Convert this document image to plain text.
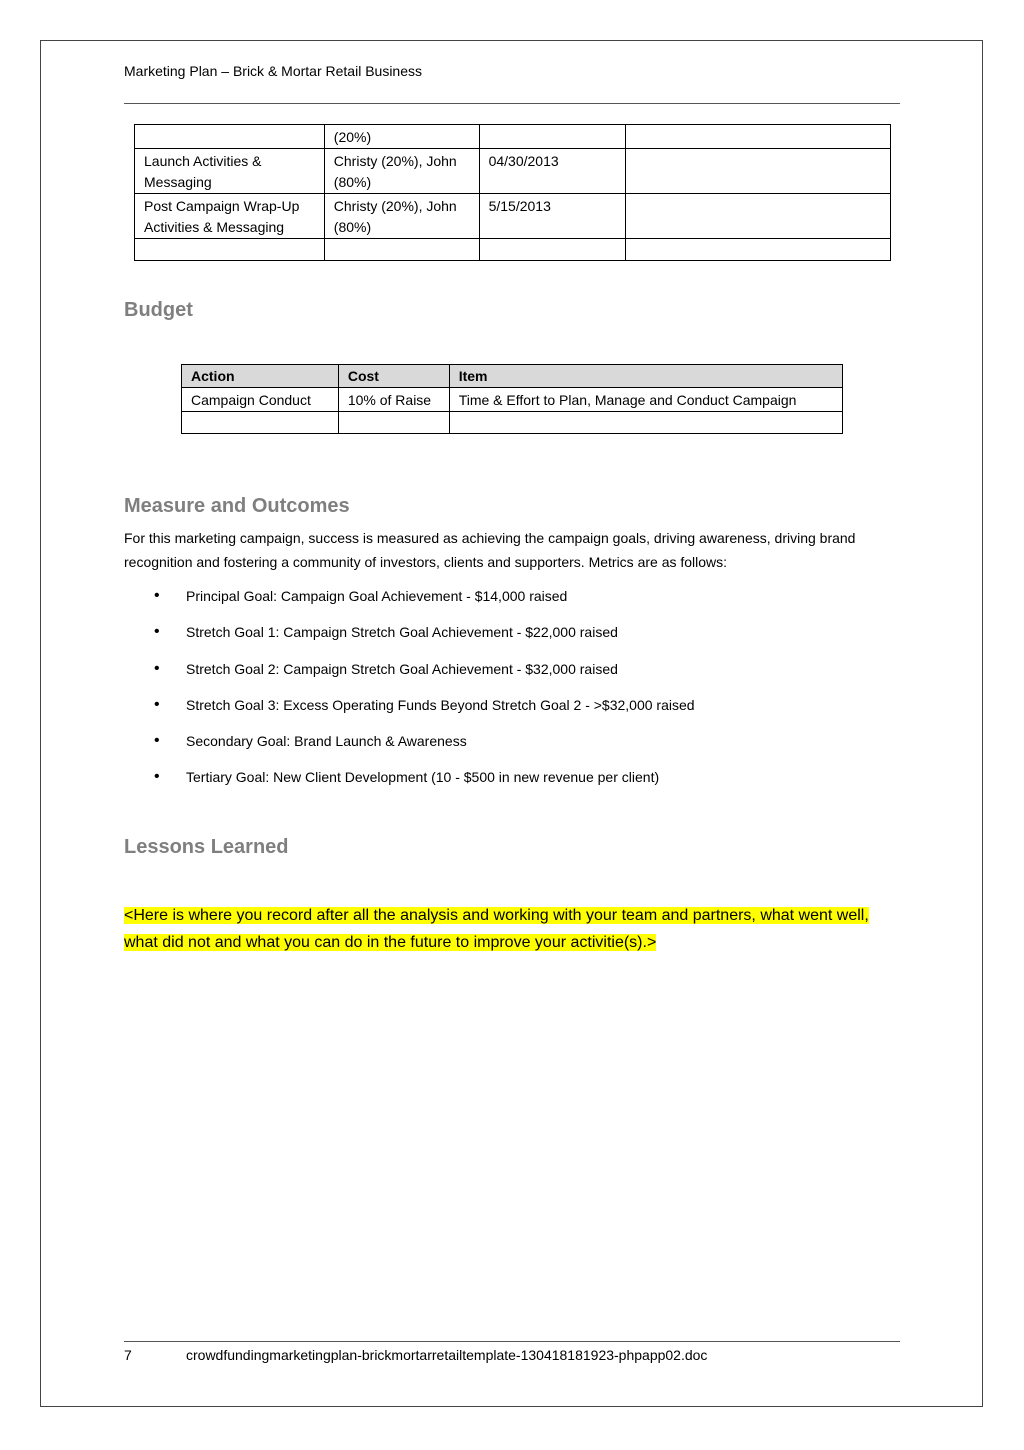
Marketing Plan – Brick & Mortar Retail Business
	(20%)		
Launch Activities & Messaging	Christy (20%), John (80%)	04/30/2013	
Post Campaign Wrap-Up Activities & Messaging	Christy (20%), John (80%)	5/15/2013	

Budget
Action	Cost	Item
Campaign Conduct	10% of Raise	Time & Effort to Plan, Manage and Conduct Campaign

Measure and Outcomes

For this marketing campaign, success is measured as achieving the campaign goals, driving awareness, driving brand recognition and fostering a community of investors, clients and supporters. Metrics are as follows:

• Principal Goal: Campaign Goal Achievement - $14,000 raised
• Stretch Goal 1: Campaign Stretch Goal Achievement - $22,000 raised
• Stretch Goal 2: Campaign Stretch Goal Achievement - $32,000 raised
• Stretch Goal 3: Excess Operating Funds Beyond Stretch Goal 2 - >$32,000 raised
• Secondary Goal: Brand Launch & Awareness
• Tertiary Goal: New Client Development (10 - $500 in new revenue per client)
Lessons Learned

<Here is where you record after all the analysis and working with your team and partners, what went well, what did not and what you can do in the future to improve your activitie(s).>

7	crowdfundingmarketingplan-brickmortarretailtemplate-130418181923-phpapp02.doc
